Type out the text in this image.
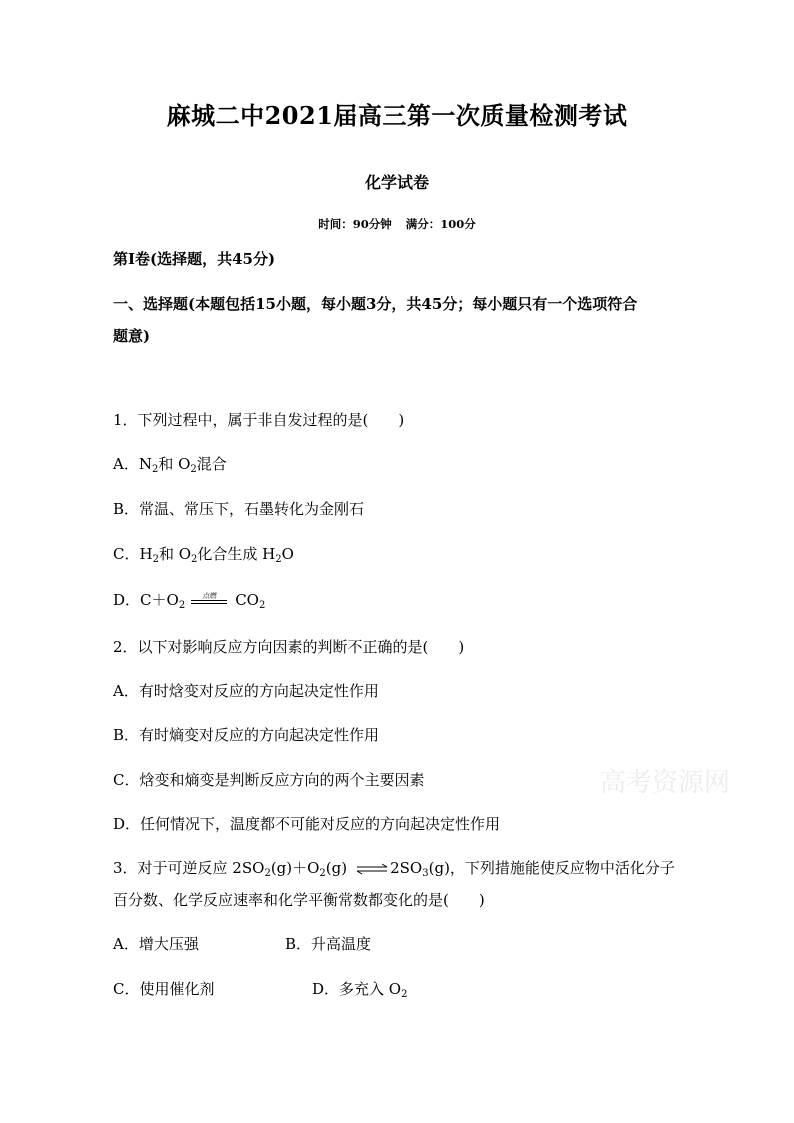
麻城二中2021届高三第一次质量检测考试
化学试卷
时间：90分钟 满分：100分
第Ⅰ卷(选择题，共45分)
一、选择题(本题包括15小题，每小题3分，共45分；每小题只有一个选项符合
题意)
1．下列过程中，属于非自发过程的是(　　)
A．$N_2$和 $O_2$混合
B．常温、常压下，石墨转化为金刚石
C．$H_2$和 $O_2$化合生成 $H_2O$
D．$C+O_2$
点燃	$CO_2$
2．以下对影响反应方向因素的判断不正确的是(　　)
A．有时焓变对反应的方向起决定性作用
B．有时熵变对反应的方向起决定性作用
C．焓变和熵变是判断反应方向的两个主要因素
D．任何情况下，温度都不可能对反应的方向起决定性作用
3．对于可逆反应 $2SO_2(g)+O_2(g)$ $\rightleftharpoons 2SO_3(g)$，下列措施能使反应物中活化分子
百分数、化学反应速率和化学平衡常数都变化的是(　　)
A．增大压强	B．升高温度
C．使用催化剂	D．多充入 $O_2$
高考资源网
